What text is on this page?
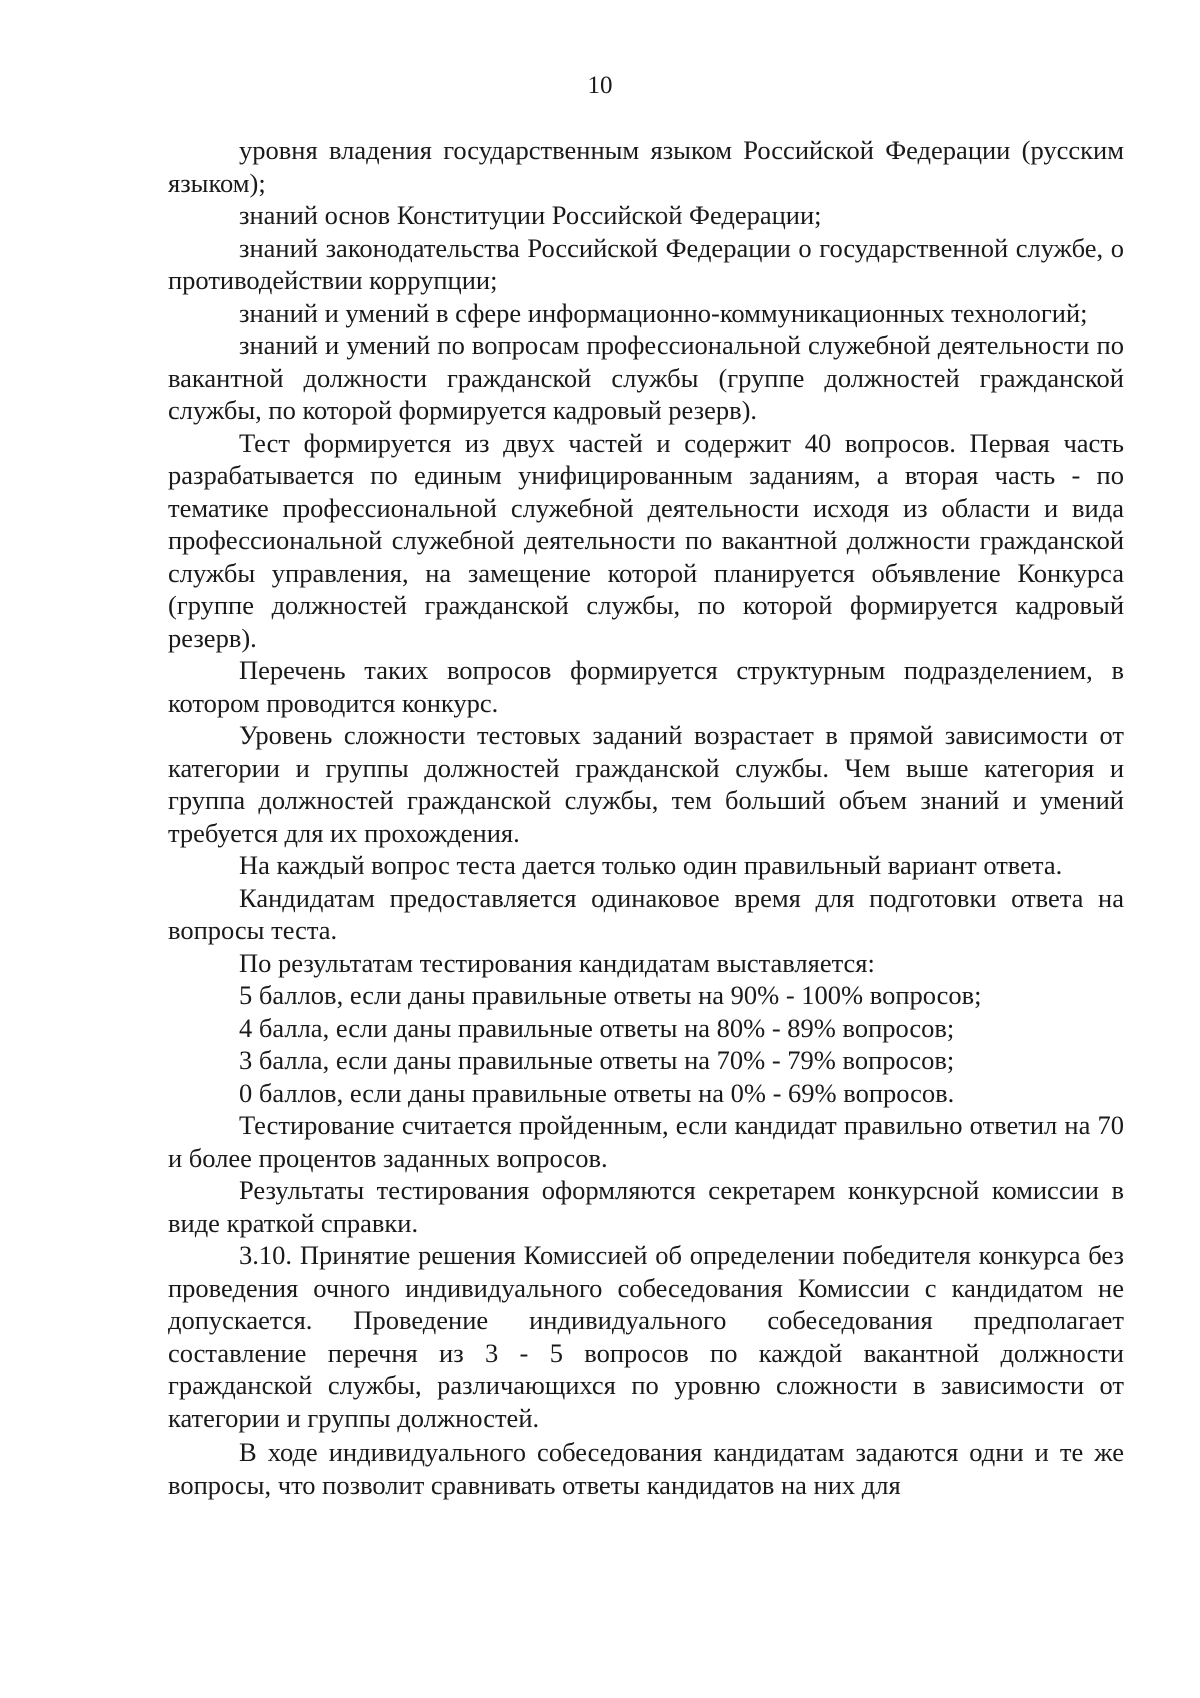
10

уровня владения государственным языком Российской Федерации (русским языком);

знаний основ Конституции Российской Федерации;

знаний законодательства Российской Федерации о государственной службе, о противодействии коррупции;

знаний и умений в сфере информационно-коммуникационных технологий;

знаний и умений по вопросам профессиональной служебной деятельности по вакантной должности гражданской службы (группе должностей гражданской службы, по которой формируется кадровый резерв).

Тест формируется из двух частей и содержит 40 вопросов. Первая часть разрабатывается по единым унифицированным заданиям, а вторая часть - по тематике профессиональной служебной деятельности исходя из области и вида профессиональной служебной деятельности по вакантной должности гражданской службы управления, на замещение которой планируется объявление Конкурса (группе должностей гражданской службы, по которой формируется кадровый резерв).

Перечень таких вопросов формируется структурным подразделением, в котором проводится конкурс.

Уровень сложности тестовых заданий возрастает в прямой зависимости от категории и группы должностей гражданской службы. Чем выше категория и группа должностей гражданской службы, тем больший объем знаний и умений требуется для их прохождения.

На каждый вопрос теста дается только один правильный вариант ответа.

Кандидатам предоставляется одинаковое время для подготовки ответа на вопросы теста.

По результатам тестирования кандидатам выставляется:

5 баллов, если даны правильные ответы на 90% - 100% вопросов;

4 балла, если даны правильные ответы на 80% - 89% вопросов;

3 балла, если даны правильные ответы на 70% - 79% вопросов;

0 баллов, если даны правильные ответы на 0% - 69% вопросов.

Тестирование считается пройденным, если кандидат правильно ответил на 70 и более процентов заданных вопросов.

Результаты тестирования оформляются секретарем конкурсной комиссии в виде краткой справки.

3.10. Принятие решения Комиссией об определении победителя конкурса без проведения очного индивидуального собеседования Комиссии с кандидатом не допускается. Проведение индивидуального собеседования предполагает составление перечня из 3 - 5 вопросов по каждой вакантной должности гражданской службы, различающихся по уровню сложности в зависимости от категории и группы должностей.

В ходе индивидуального собеседования кандидатам задаются одни и те же вопросы, что позволит сравнивать ответы кандидатов на них для
